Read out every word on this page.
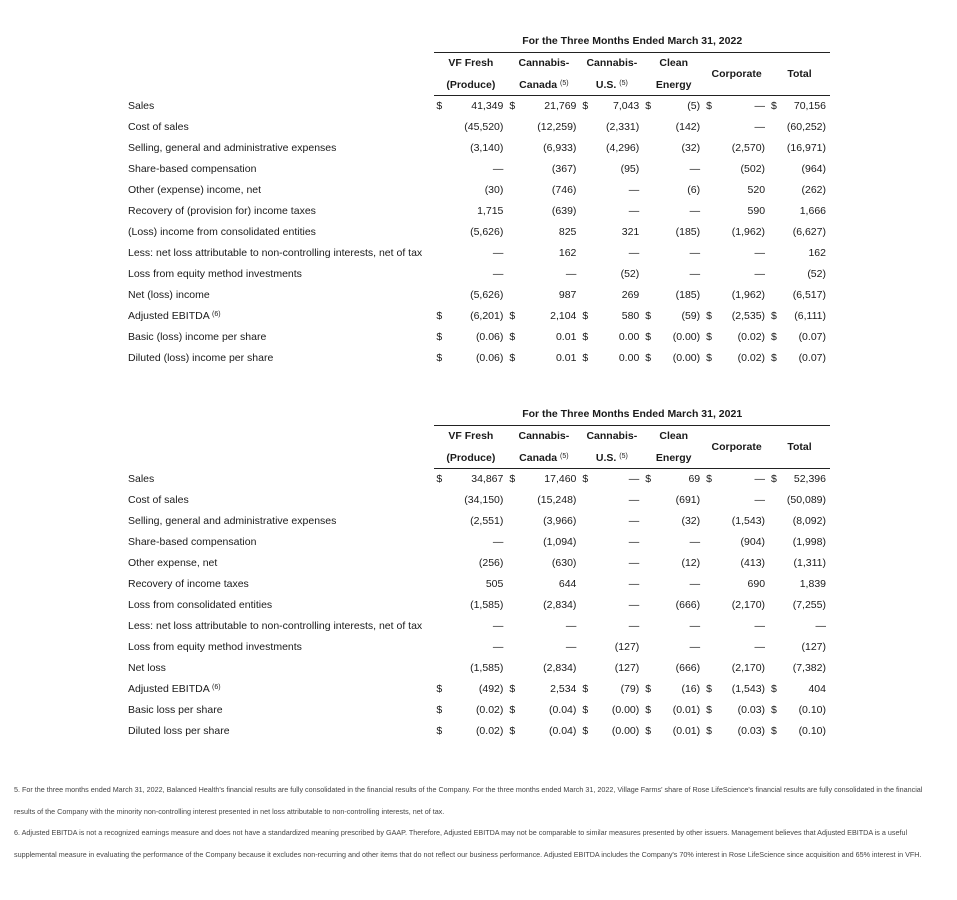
	For the Three Months Ended March 31, 2022											
	VF Fresh		Cannabis-		Cannabis-		Clean		Corporate		Total	
	(Produce)		Canada $^{(5)}$		U.S. $^{(5)}$		Energy					
Sales	$	41,349	$	21,769	$	7,043	$	(5)	$	—	$	70,156
Cost of sales		(45,520)		(12,259)		(2,331)		(142)		—		(60,252)
Selling, general and administrative expenses		(3,140)		(6,933)		(4,296)		(32)		(2,570)		(16,971)
Share-based compensation		—		(367)		(95)		—		(502)		(964)
Other (expense) income, net		(30)		(746)		—		(6)		520		(262)
Recovery of (provision for) income taxes		1,715		(639)		—		—		590		1,666
(Loss) income from consolidated entities		(5,626)		825		321		(185)		(1,962)		(6,627)
Less: net loss attributable to non-controlling interests, net of tax		—		162		—		—		—		162
Loss from equity method investments		—		—		(52)		—		—		(52)
Net (loss) income		(5,626)		987		269		(185)		(1,962)		(6,517)
Adjusted EBITDA $^{(6)}$	$	(6,201)	$	2,104	$	580	$	(59)	$	(2,535)	$	(6,111)
Basic (loss) income per share	$	(0.06)	$	0.01	$	0.00	$	(0.00)	$	(0.02)	$	(0.07)
Diluted (loss) income per share	$	(0.06)	$	0.01	$	0.00	$	(0.00)	$	(0.02)	$	(0.07)
	For the Three Months Ended March 31, 2021											
	VF Fresh		Cannabis-		Cannabis-		Clean		Corporate		Total	
	(Produce)		Canada $^{(5)}$		U.S. $^{(5)}$		Energy					
Sales	$	34,867	$	17,460	$	—	$	69	$	—	$	52,396
Cost of sales		(34,150)		(15,248)		—		(691)		—		(50,089)
Selling, general and administrative expenses		(2,551)		(3,966)		—		(32)		(1,543)		(8,092)
Share-based compensation		—		(1,094)		—		—		(904)		(1,998)
Other expense, net		(256)		(630)		—		(12)		(413)		(1,311)
Recovery of income taxes		505		644		—		—		690		1,839
Loss from consolidated entities		(1,585)		(2,834)		—		(666)		(2,170)		(7,255)
Less: net loss attributable to non-controlling interests, net of tax		—		—		—		—		—		—
Loss from equity method investments		—		—		(127)		—		—		(127)
Net loss		(1,585)		(2,834)		(127)		(666)		(2,170)		(7,382)
Adjusted EBITDA $^{(6)}$	$	(492)	$	2,534	$	(79)	$	(16)	$	(1,543)	$	404
Basic loss per share	$	(0.02)	$	(0.04)	$	(0.00)	$	(0.01)	$	(0.03)	$	(0.10)
Diluted loss per share	$	(0.02)	$	(0.04)	$	(0.00)	$	(0.01)	$	(0.03)	$	(0.10)
5. For the three months ended March 31, 2022, Balanced Health's financial results are fully consolidated in the financial results of the Company. For the three months ended March 31, 2022, Village Farms' share of Rose LifeScience's financial results are fully consolidated in the financial results of the Company with the minority non-controlling interest presented in net loss attributable to non-controlling interests, net of tax.
6. Adjusted EBITDA is not a recognized earnings measure and does not have a standardized meaning prescribed by GAAP. Therefore, Adjusted EBITDA may not be comparable to similar measures presented by other issuers. Management believes that Adjusted EBITDA is a useful supplemental measure in evaluating the performance of the Company because it excludes non-recurring and other items that do not reflect our business performance. Adjusted EBITDA includes the Company's 70% interest in Rose LifeScience since acquisition and 65% interest in VFH.
